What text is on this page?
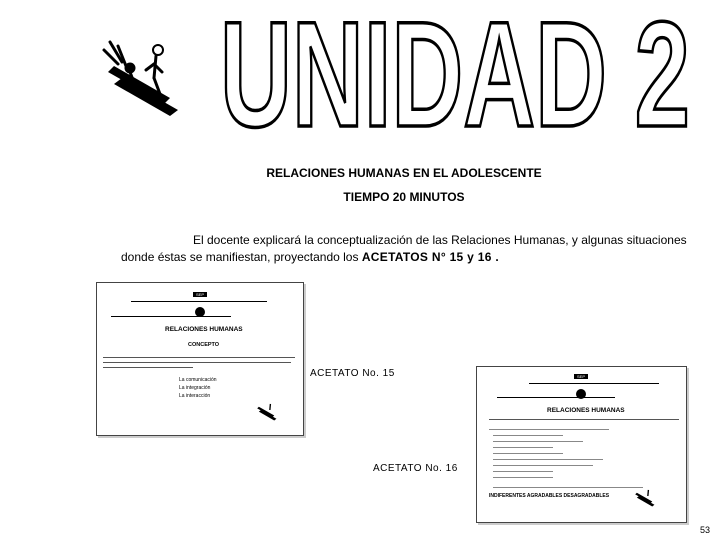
UNIDAD 2
RELACIONES HUMANAS EN EL ADOLESCENTE
TIEMPO 20 MINUTOS
El docente explicará la conceptualización de las Relaciones Humanas, y algunas situaciones donde éstas se manifiestan, proyectando los ACETATOS N° 15 y 16 .
SEP
RELACIONES HUMANAS
CONCEPTO
La comunicación
La integración
La interacción
ACETATO No. 15	SEP
RELACIONES HUMANAS
INDIFERENTES AGRADABLES DESAGRADABLES
ACETATO No. 16
53
